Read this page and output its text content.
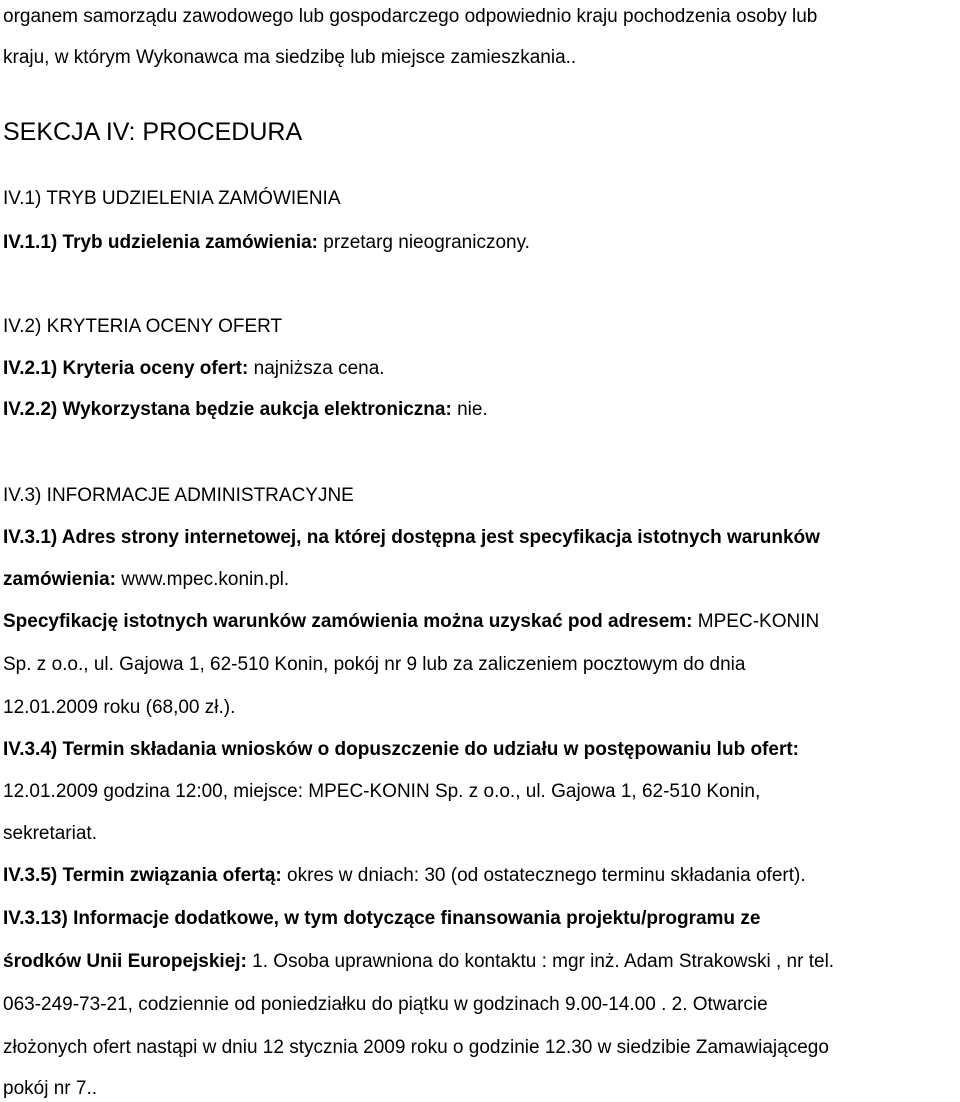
organem samorządu zawodowego lub gospodarczego odpowiednio kraju pochodzenia osoby lub
kraju, w którym Wykonawca ma siedzibę lub miejsce zamieszkania..
SEKCJA IV: PROCEDURA
IV.1) TRYB UDZIELENIA ZAMÓWIENIA
IV.1.1) Tryb udzielenia zamówienia: przetarg nieograniczony.
IV.2) KRYTERIA OCENY OFERT
IV.2.1) Kryteria oceny ofert: najniższa cena.
IV.2.2) Wykorzystana będzie aukcja elektroniczna: nie.
IV.3) INFORMACJE ADMINISTRACYJNE
IV.3.1) Adres strony internetowej, na której dostępna jest specyfikacja istotnych warunków
zamówienia: www.mpec.konin.pl.
Specyfikację istotnych warunków zamówienia można uzyskać pod adresem: MPEC-KONIN
Sp. z o.o., ul. Gajowa 1, 62-510 Konin, pokój nr 9 lub za zaliczeniem pocztowym do dnia
12.01.2009 roku (68,00 zł.).
IV.3.4) Termin składania wniosków o dopuszczenie do udziału w postępowaniu lub ofert:
12.01.2009 godzina 12:00, miejsce: MPEC-KONIN Sp. z o.o., ul. Gajowa 1, 62-510 Konin,
sekretariat.
IV.3.5) Termin związania ofertą: okres w dniach: 30 (od ostatecznego terminu składania ofert).
IV.3.13) Informacje dodatkowe, w tym dotyczące finansowania projektu/programu ze
środków Unii Europejskiej: 1. Osoba uprawniona do kontaktu : mgr inż. Adam Strakowski , nr tel.
063-249-73-21, codziennie od poniedziałku do piątku w godzinach 9.00-14.00 . 2. Otwarcie
złożonych ofert nastąpi w dniu 12 stycznia 2009 roku o godzinie 12.30 w siedzibie Zamawiającego
pokój nr 7..
